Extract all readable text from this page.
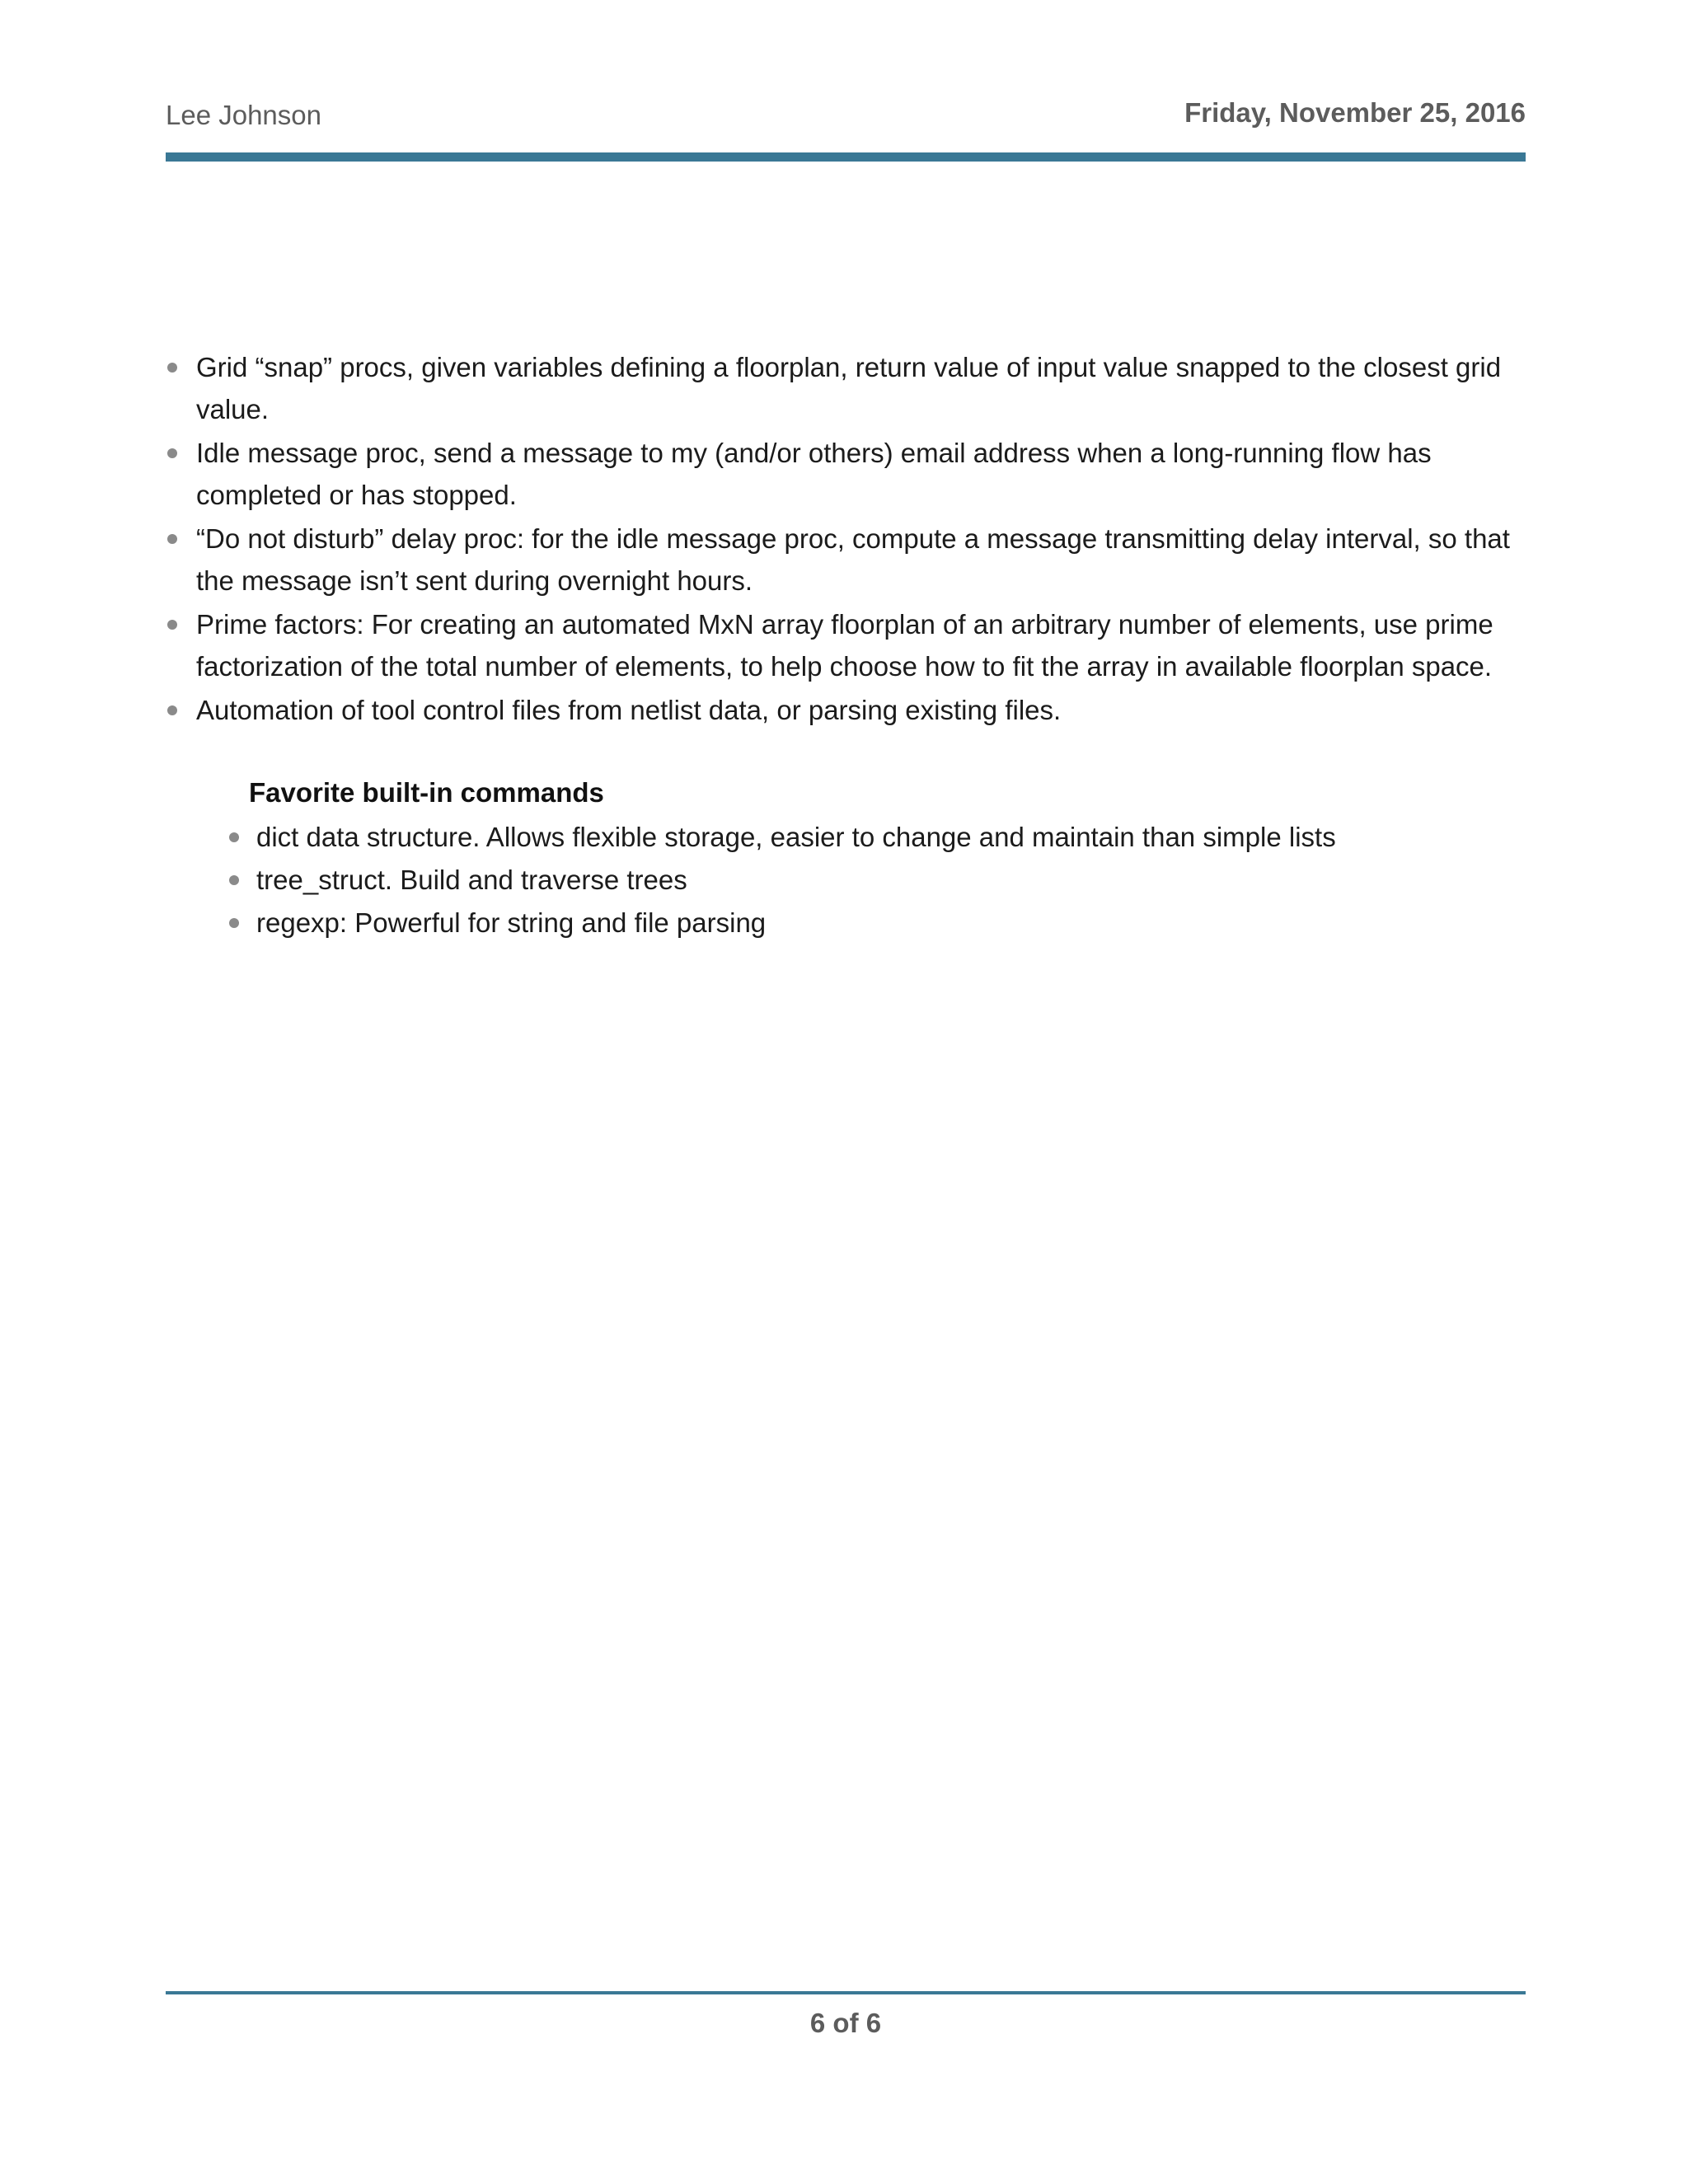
Lee Johnson	Friday, November 25, 2016
Grid “snap” procs, given variables defining a floorplan, return value of input value snapped to the closest grid value.
Idle message proc, send a message to my (and/or others) email address when a long-running flow has completed or has stopped.
“Do not disturb” delay proc: for the idle message proc, compute a message transmitting delay interval, so that the message isn’t sent during overnight hours.
Prime factors: For creating an automated MxN array floorplan of an arbitrary number of elements, use prime factorization of the total number of elements, to help choose how to fit the array in available floorplan space.
Automation of tool control files from netlist data, or parsing existing files.
Favorite built-in commands
dict data structure. Allows flexible storage, easier to change and maintain than simple lists
tree_struct. Build and traverse trees
regexp: Powerful for string and file parsing
6 of 6
